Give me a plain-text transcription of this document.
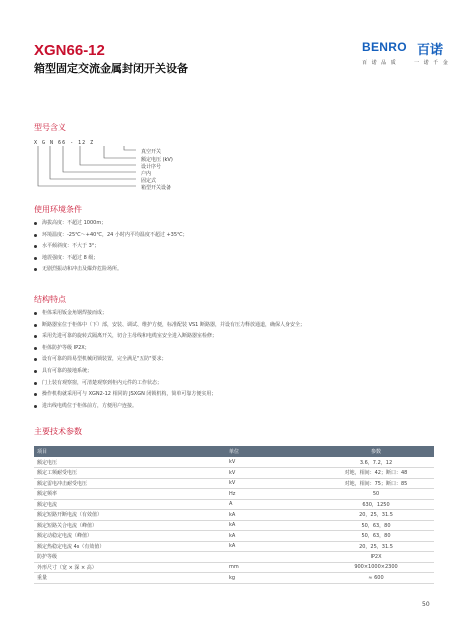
XGN66-12
箱型固定交流金属封闭开关设备
BENRO 百诺
百 诺 品 质	一 诺 千 金
型号含义
X G N 66 - 12 Z
真空开关
额定电压 (kV)
设计序号
户内
固定式
箱型开关设备
使用环境条件
海拔高度：不超过 1000m；
环境温度：-25℃～+40℃，24 小时内平均温度不超过 +35℃；
水平倾斜度：不大于 3°；
地震强度：不超过 8 级；
无剧烈振动和冲击及爆炸危险场所。
结构特点
柜体采用钣金角钢焊接而成；
断路器室位于柜体中（下）部，安装、调试、维护方便，标准配装 VS1 断路器，并设有压力释放通道，确保人身安全；
采用先进可靠的旋转式隔离开关，切合主母线和电缆室安全进入断路器室检修；
柜体防护等级 IP2X；
设有可靠的简易型机械闭锁装置，完全满足"五防"要求；
具有可靠的接地系统；
门上装有观察窗，可清楚观察到柜内元件的工作状态；
操作机构就采用可与 XGN2-12 相同的 JSXGN 闭锁机构，简单可靠方便实用；
进出线电缆位于柜体前方，方便用户连接。
主要技术参数
项目	单位	参数
额定电压	kV	3.6，7.2，12
额定工频耐受电压	kV	对地，相间：42；断口：48
额定雷电冲击耐受电压	kV	对地，相间：75；断口：85
额定频率	Hz	50
额定电流	A	630，1250
额定短路开断电流（有效值）	kA	20，25，31.5
额定短路关合电流（峰值）	kA	50，63，80
额定动稳定电流（峰值）	kA	50，63，80
额定热稳定电流 4s（有效值）	kA	20，25，31.5
防护等级		IP2X
外形尺寸（宽 × 深 × 高）	mm	900×1000×2300
重量	kg	≈ 600
50
